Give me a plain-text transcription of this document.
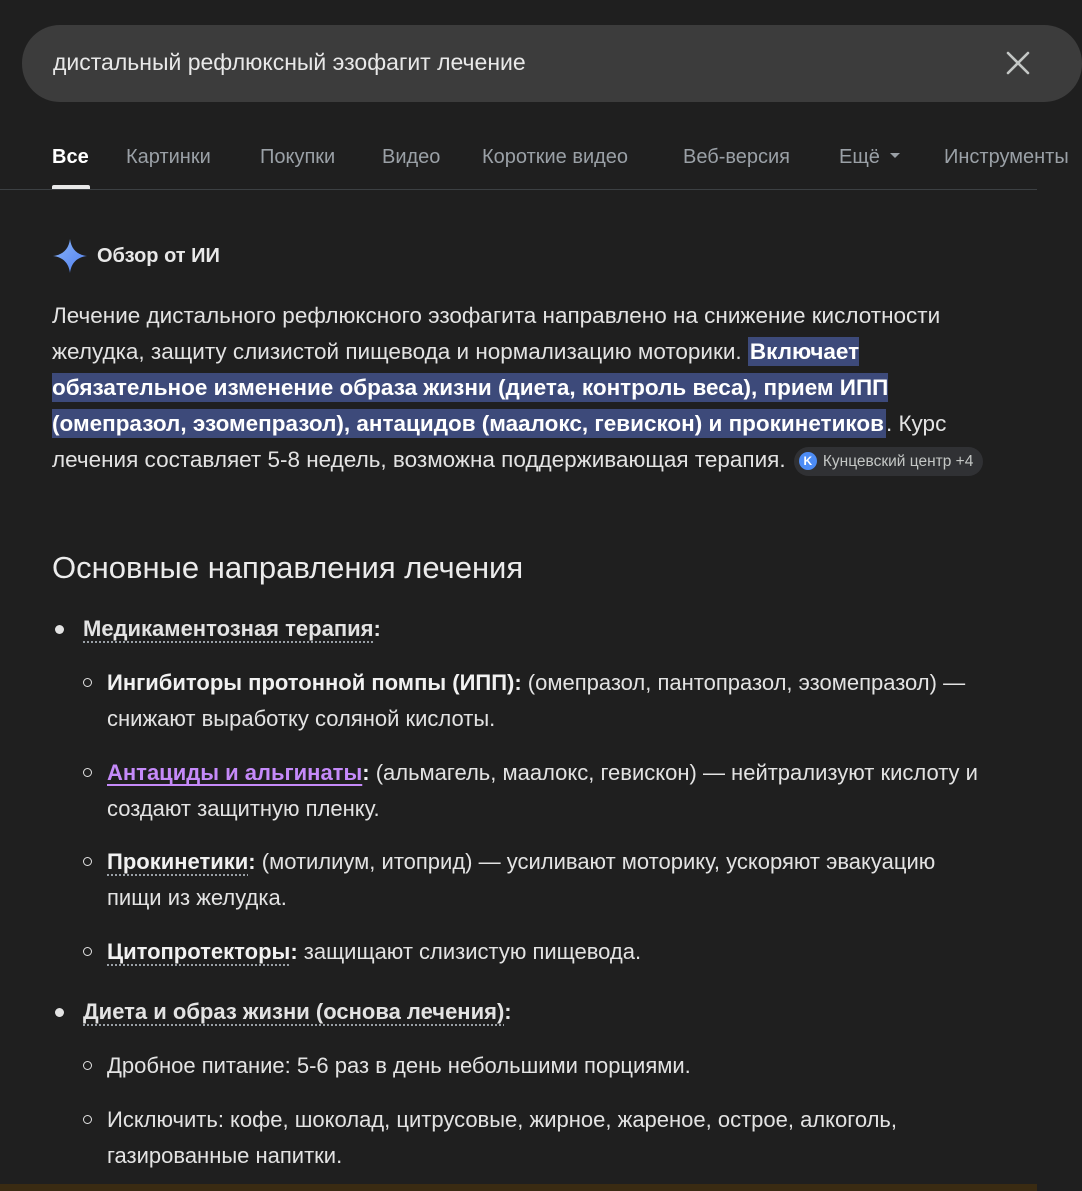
дистальный рефлюксный эзофагит лечение
Все Картинки Покупки Видео Короткие видео	Веб-версия Ещё	Инструменты
Обзор от ИИ
Лечение дистального рефлюксного эзофагита направлено на снижение кислотности желудка, защиту слизистой пищевода и нормализацию моторики. Включает обязательное изменение образа жизни (диета, контроль веса), прием ИПП (омепразол, эзомепразол), антацидов (маалокс, гевискон) и прокинетиков. Курс лечения составляет 5-8 недель, возможна поддерживающая терапия. K Кунцевский центр +4
Основные направления лечения
Медикаментозная терапия:
Ингибиторы протонной помпы (ИПП): (омепразол, пантопразол, эзомепразол) — снижают выработку соляной кислоты.
Антациды и альгинаты: (альмагель, маалокс, гевискон) — нейтрализуют кислоту и создают защитную пленку.
Прокинетики: (мотилиум, итоприд) — усиливают моторику, ускоряют эвакуацию пищи из желудка.
Цитопротекторы: защищают слизистую пищевода.
Диета и образ жизни (основа лечения):
Дробное питание: 5-6 раз в день небольшими порциями.
Исключить: кофе, шоколад, цитрусовые, жирное, жареное, острое, алкоголь, газированные напитки.
